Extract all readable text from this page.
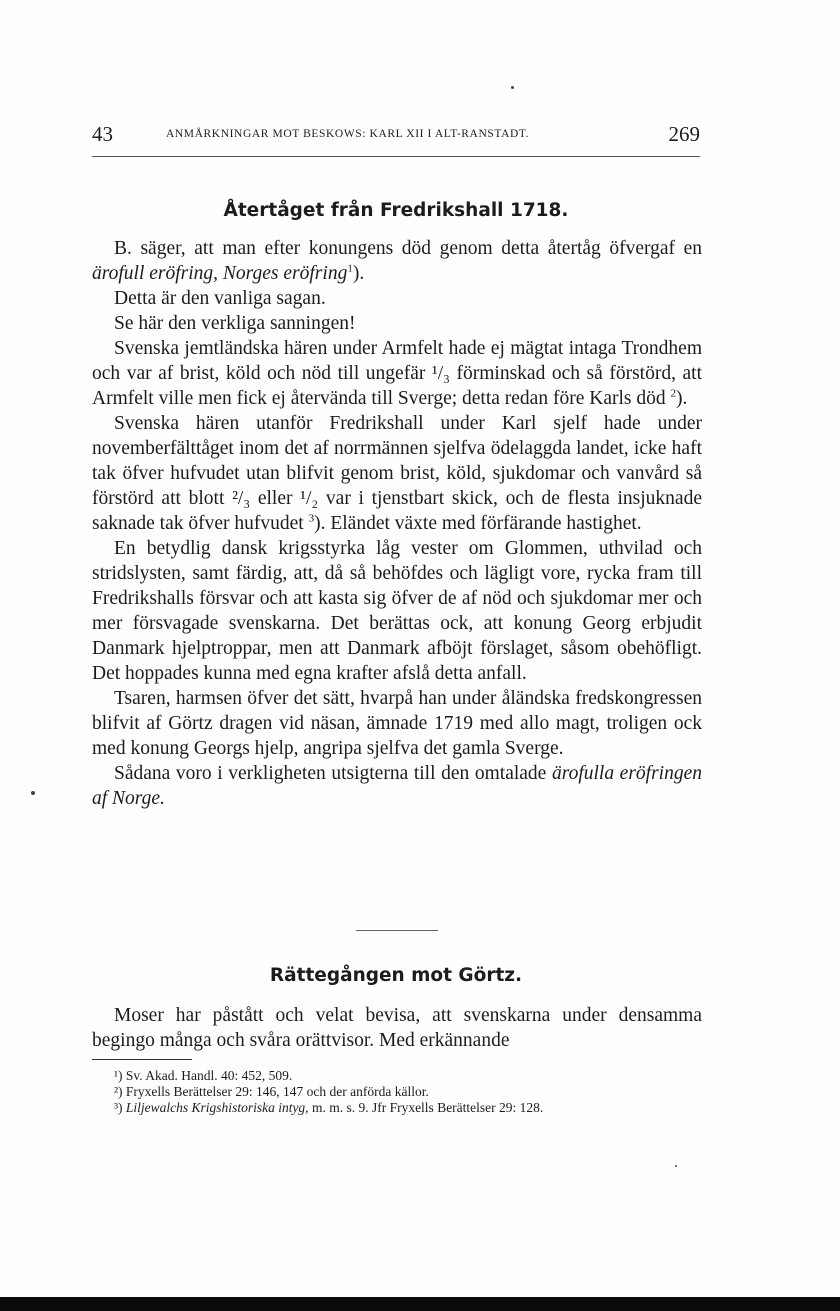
43	ANMÅRKNINGAR MOT BESKOWS: KARL XII I ALT-RANSTADT.	269
Återtåget från Fredrikshall 1718.

B. säger, att man efter konungens död genom detta återtåg öfvergaf en ärofull eröfring, Norges eröfring$^1$).

Detta är den vanliga sagan.

Se här den verkliga sanningen!

Svenska jemtländska hären under Armfelt hade ej mägtat intaga Trondhem och var af brist, köld och nöd till ungefär ¹/₃ förminskad och så förstörd, att Armfelt ville men fick ej återvända till Sverge; detta redan före Karls död $^2$).

Svenska hären utanför Fredrikshall under Karl sjelf hade under novemberfälttåget inom det af norrmännen sjelfva ödelaggda landet, icke haft tak öfver hufvudet utan blifvit genom brist, köld, sjukdomar och vanvård så förstörd att blott ²/₃ eller ¹/₂ var i tjenstbart skick, och de flesta insjuknade saknade tak öfver hufvudet $^3$). Eländet växte med förfärande hastighet.

En betydlig dansk krigsstyrka låg vester om Glommen, uthvilad och stridslysten, samt färdig, att, då så behöfdes och lägligt vore, rycka fram till Fredrikshalls försvar och att kasta sig öfver de af nöd och sjukdomar mer och mer försvagade svenskarna. Det berättas ock, att konung Georg erbjudit Danmark hjelptroppar, men att Danmark afböjt förslaget, såsom obehöfligt. Det hoppades kunna med egna krafter afslå detta anfall.

Tsaren, harmsen öfver det sätt, hvarpå han under åländska fredskongressen blifvit af Görtz dragen vid näsan, ämnade 1719 med allo magt, troligen ock med konung Georgs hjelp, angripa sjelfva det gamla Sverge.

Sådana voro i verkligheten utsigterna till den omtalade ärofulla eröfringen af Norge.

Rättegången mot Görtz.

Moser har påstått och velat bevisa, att svenskarna under densamma begingo många och svåra orättvisor. Med erkännande

¹) Sv. Akad. Handl. 40: 452, 509.

²) Fryxells Berättelser 29: 146, 147 och der anförda källor.

³) Liljewalchs Krigshistoriska intyg, m. m. s. 9. Jfr Fryxells Berättelser 29: 128.
